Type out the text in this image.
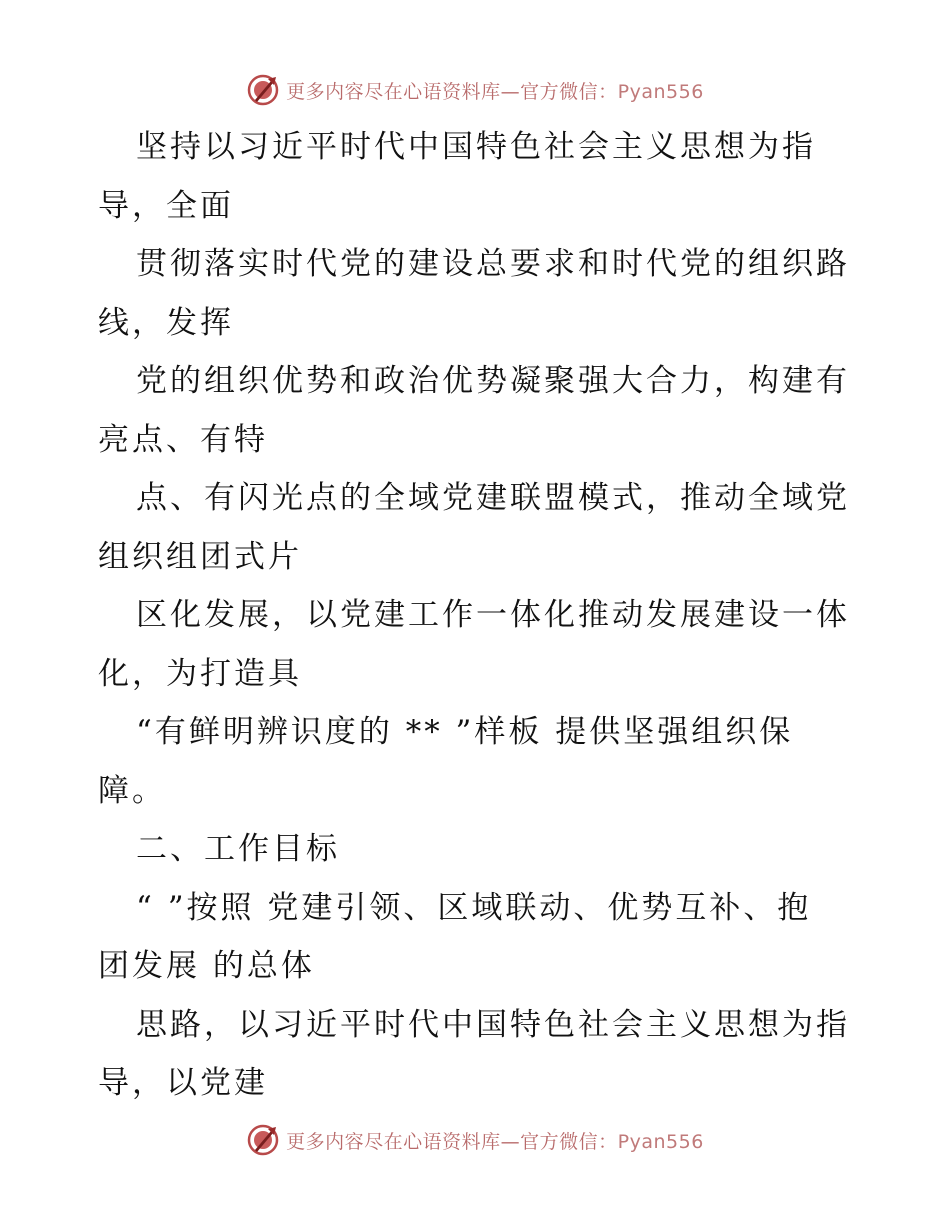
更多内容尽在心语资料库—官方微信：Pyan556
坚持以习近平时代中国特色社会主义思想为指
导，全面
贯彻落实时代党的建设总要求和时代党的组织路
线，发挥
党的组织优势和政治优势凝聚强大合力，构建有
亮点、有特
点、有闪光点的全域党建联盟模式，推动全域党
组织组团式片
区化发展，以党建工作一体化推动发展建设一体
化，为打造具
“有鲜明辨识度的 ** ”样板 提供坚强组织保
障。
二、工作目标
“ ”按照 党建引领、区域联动、优势互补、抱
团发展 的总体
思路，以习近平时代中国特色社会主义思想为指
导，以党建
更多内容尽在心语资料库—官方微信：Pyan556
